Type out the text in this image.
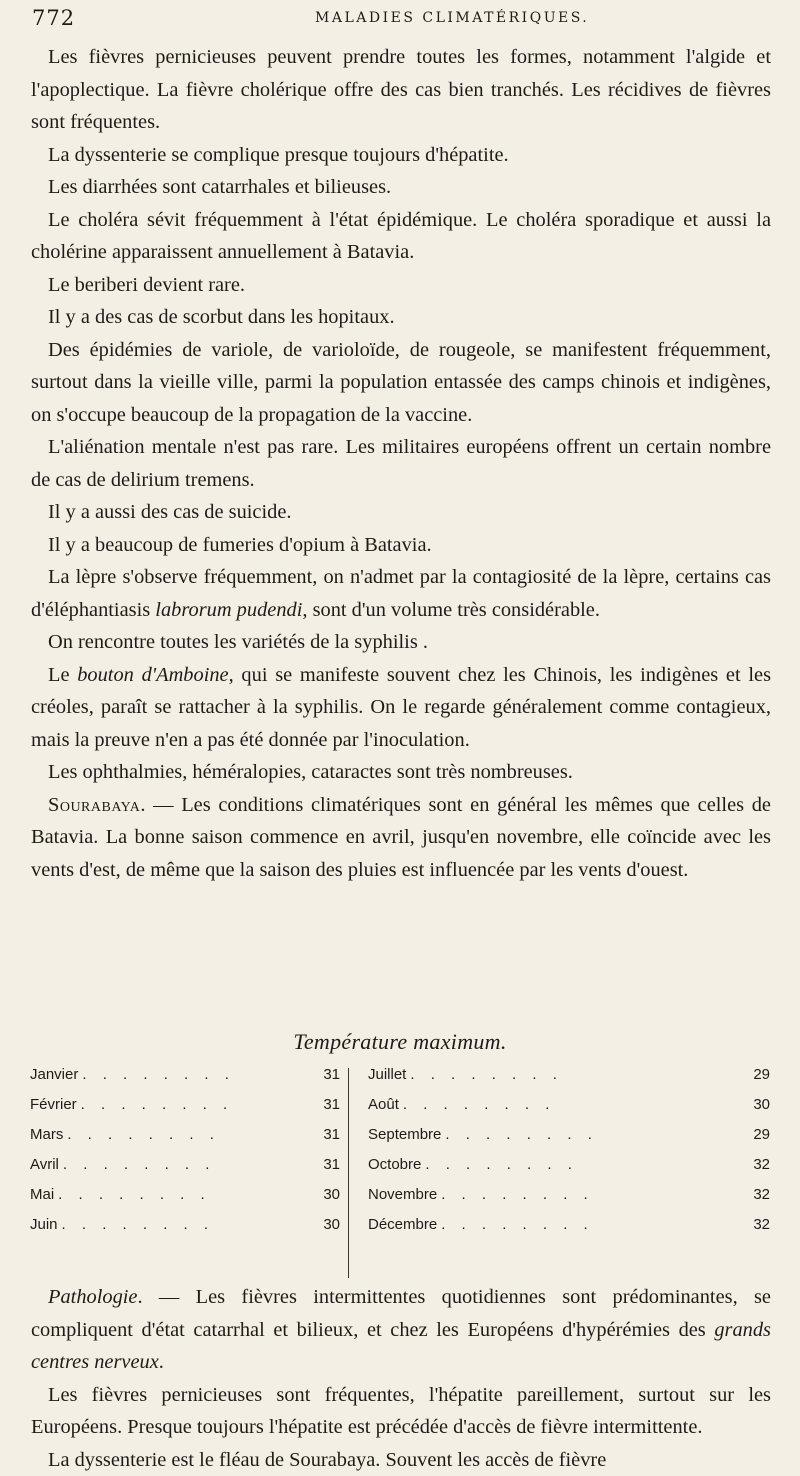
772	MALADIES CLIMATÉRIQUES.

Les fièvres pernicieuses peuvent prendre toutes les formes, notamment l'algide et l'apoplectique. La fièvre cholérique offre des cas bien tranchés. Les récidives de fièvres sont fréquentes.

La dyssenterie se complique presque toujours d'hépatite.

Les diarrhées sont catarrhales et bilieuses.

Le choléra sévit fréquemment à l'état épidémique. Le choléra sporadique et aussi la cholérine apparaissent annuellement à Batavia.

Le beriberi devient rare.

Il y a des cas de scorbut dans les hopitaux.

Des épidémies de variole, de varioloïde, de rougeole, se manifestent fréquemment, surtout dans la vieille ville, parmi la population entassée des camps chinois et indigènes, on s'occupe beaucoup de la propagation de la vaccine.

L'aliénation mentale n'est pas rare. Les militaires européens offrent un certain nombre de cas de delirium tremens.

Il y a aussi des cas de suicide.

Il y a beaucoup de fumeries d'opium à Batavia.

La lèpre s'observe fréquemment, on n'admet par la contagiosité de la lèpre, certains cas d'éléphantiasis labrorum pudendi, sont d'un volume très considérable.

On rencontre toutes les variétés de la syphilis .

Le bouton d'Amboine, qui se manifeste souvent chez les Chinois, les indigènes et les créoles, paraît se rattacher à la syphilis. On le regarde généralement comme contagieux, mais la preuve n'en a pas été donnée par l'inoculation.

Les ophthalmies, héméralopies, cataractes sont très nombreuses.

Sourabaya. — Les conditions climatériques sont en général les mêmes que celles de Batavia. La bonne saison commence en avril, jusqu'en novembre, elle coïncide avec les vents d'est, de même que la saison des pluies est influencée par les vents d'ouest.

Température maximum.
Janvier . . . . . . . .	31
Février . . . . . . . .	31
Mars . . . . . . . .	31
Avril . . . . . . . .	31
Mai . . . . . . . .	30
Juin . . . . . . . .	30
Juillet . . . . . . . .	29
Août . . . . . . . .	30
Septembre . . . . . . . .	29
Octobre . . . . . . . .	32
Novembre . . . . . . . .	32
Décembre . . . . . . . .	32

Pathologie. — Les fièvres intermittentes quotidiennes sont prédominantes, se compliquent d'état catarrhal et bilieux, et chez les Européens d'hypérémies des grands centres nerveux.

Les fièvres pernicieuses sont fréquentes, l'hépatite pareillement, surtout sur les Européens. Presque toujours l'hépatite est précédée d'accès de fièvre intermittente.

La dyssenterie est le fléau de Sourabaya. Souvent les accès de fièvre
